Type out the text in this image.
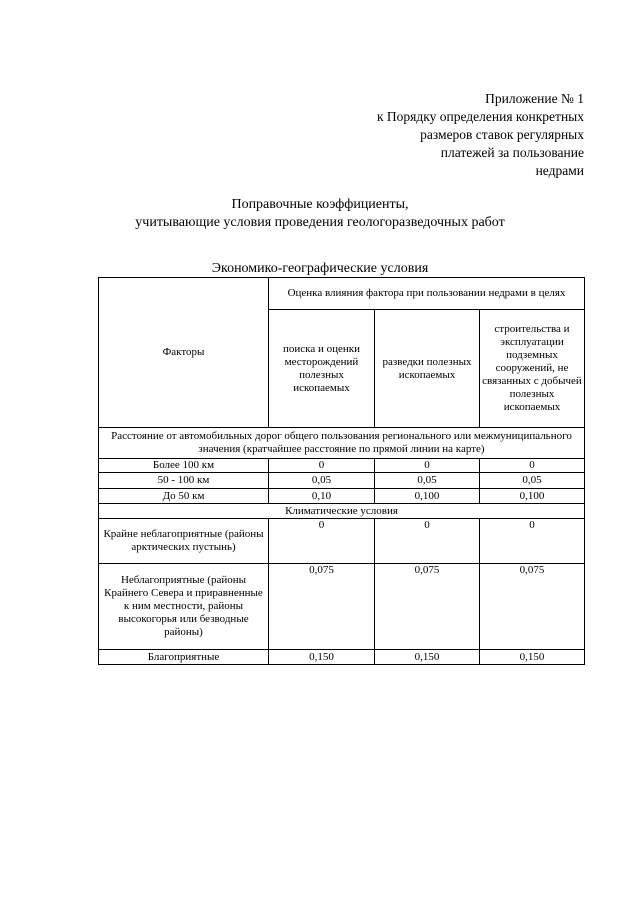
Приложение № 1
к Порядку определения конкретных
размеров ставок регулярных
платежей за пользование
недрами
Поправочные коэффициенты,
учитывающие условия проведения геологоразведочных работ
Экономико-географические условия
Факторы	Оценка влияния фактора при пользовании недрами в целях		
	поиска и оценки месторождений полезных ископаемых	разведки полезных ископаемых	строительства и эксплуатации подземных сооружений, не связанных с добычей полезных ископаемых
Расстояние от автомобильных дорог общего пользования регионального или межмуниципального значения (кратчайшее расстояние по прямой линии на карте)			
Более 100 км	0	0	0
50 - 100 км	0,05	0,05	0,05
До 50 км	0,10	0,100	0,100
Климатические условия			
Крайне неблагоприятные (районы арктических пустынь)	0	0	0
Неблагоприятные (районы Крайнего Севера и приравненные к ним местности, районы высокогорья или безводные районы)	0,075	0,075	0,075
Благоприятные	0,150	0,150	0,150
